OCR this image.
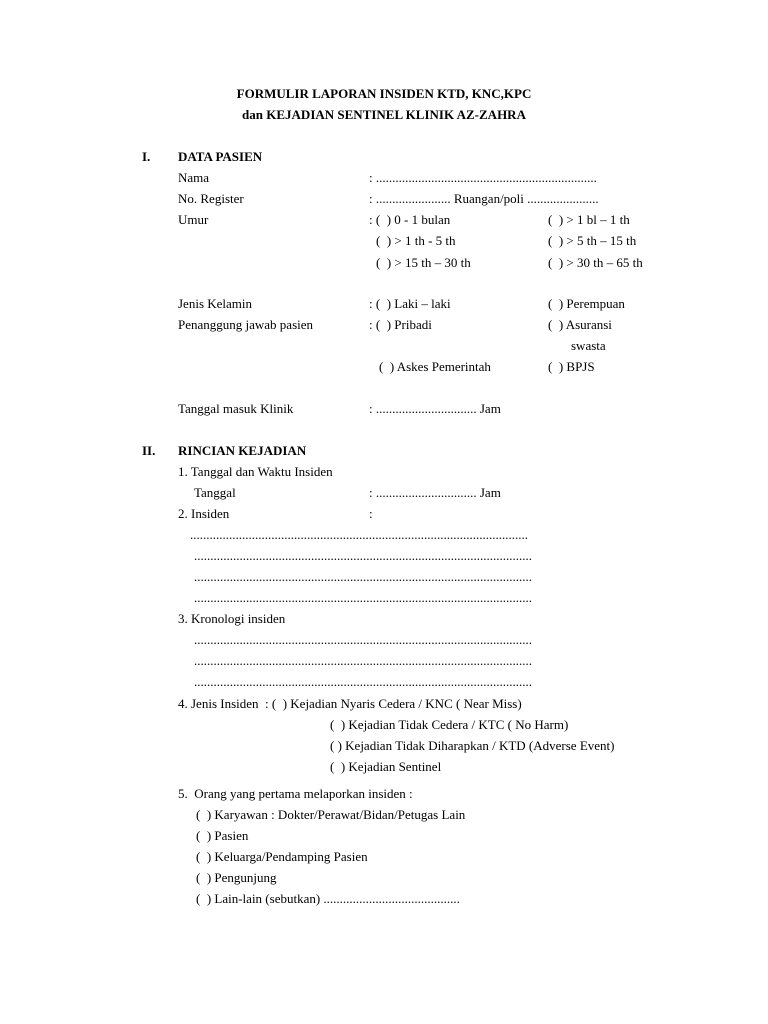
FORMULIR LAPORAN INSIDEN KTD, KNC,KPC
dan KEJADIAN SENTINEL KLINIK AZ-ZAHRA
I. DATA PASIEN
Nama	: ....................................................................
No. Register	: ....................... Ruangan/poli ......................
Umur	: (  ) 0 - 1 bulan	(  ) > 1 bl – 1 th
(  ) > 1 th - 5 th	(  ) > 5 th – 15 th
(  ) > 15 th – 30 th	(  ) > 30 th – 65 th
Jenis Kelamin	: (  ) Laki – laki	(  ) Perempuan
Penanggung jawab pasien	: (  ) Pribadi	(  ) Asuransi
swasta
(  ) Askes Pemerintah	(  ) BPJS
Tanggal masuk Klinik	: ............................... Jam
II. RINCIAN KEJADIAN
1. Tanggal dan Waktu Insiden
Tanggal	: ............................... Jam
2. Insiden	:
........................................................................................................
........................................................................................................
........................................................................................................
........................................................................................................
3. Kronologi insiden
........................................................................................................
........................................................................................................
........................................................................................................
4. Jenis Insiden  : (  ) Kejadian Nyaris Cedera / KNC ( Near Miss)
(  ) Kejadian Tidak Cedera / KTC ( No Harm)
( ) Kejadian Tidak Diharapkan / KTD (Adverse Event)
(  ) Kejadian Sentinel
5.  Orang yang pertama melaporkan insiden :
(  ) Karyawan : Dokter/Perawat/Bidan/Petugas Lain
(  ) Pasien
(  ) Keluarga/Pendamping Pasien
(  ) Pengunjung
(  ) Lain-lain (sebutkan) ..........................................
